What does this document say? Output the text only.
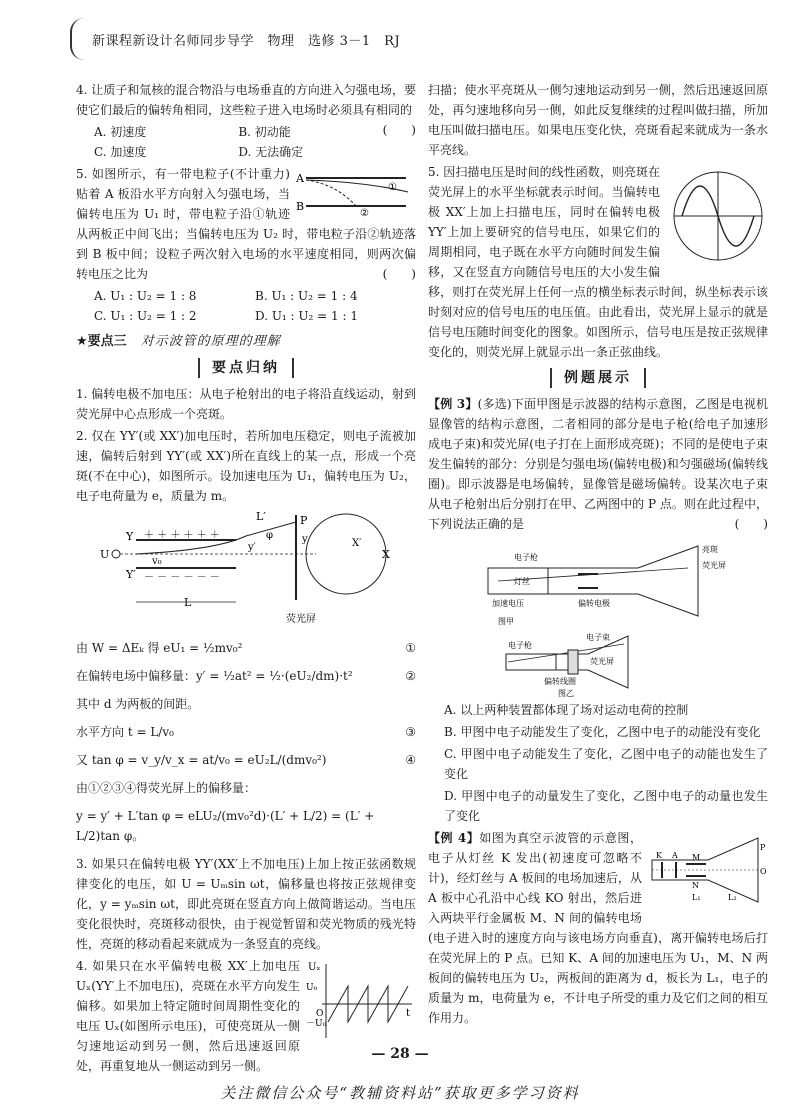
新课程新设计名师同步导学　物理　选修 3－1　RJ

4. 让质子和氚核的混合物沿与电场垂直的方向进入匀强电场，要使它们最后的偏转角相同，这些粒子进入电场时必须具有相同的
(　　)

A. 初速度	B. 初动能
C. 加速度	D. 无法确定
A
B
①
②

5. 如图所示，有一带电粒子(不计重力)贴着 A 板沿水平方向射入匀强电场，当偏转电压为 U₁ 时，带电粒子沿①轨迹从两板正中间飞出；当偏转电压为 U₂ 时，带电粒子沿②轨迹落到 B 板中间；设粒子两次射入电场的水平速度相同，则两次偏转电压之比为	(　　)

A. U₁ : U₂ = 1 : 8	B. U₁ : U₂ = 1 : 4
C. U₁ : U₂ = 1 : 2	D. U₁ : U₂ = 1 : 1
★要点三 对示波管的原理的理解
要点归纳

1. 偏转电极不加电压：从电子枪射出的电子将沿直线运动，射到荧光屏中心点形成一个亮斑。

2. 仅在 YY′(或 XX′)加电压时，若所加电压稳定，则电子流被加速，偏转后射到 YY′(或 XX′)所在直线上的某一点，形成一个亮斑(不在中心)，如图所示。设加速电压为 U₁，偏转电压为 U₂，电子电荷量为 e，质量为 m。

＋ ＋ ＋ ＋ ＋ ＋
－ － － － － －
Y
Y′
U
v₀
L′
φ
P
y′
y
L
X
X′
荧光屏
由 W = ΔEₖ 得 eU₁ = ½mv₀²	①
在偏转电场中偏移量：y′ = ½at² = ½·(eU₂/dm)·t²	②
其中 d 为两板的间距。
水平方向 t = L/v₀	③
又 tan φ = v_y/v_x = at/v₀ = eU₂L/(dmv₀²)	④
由①②③④得荧光屏上的偏移量：
y = y′ + L′tan φ = eLU₂/(mv₀²d)·(L′ + L/2) = (L′ + L/2)tan φ。

3. 如果只在偏转电极 YY′(XX′上不加电压)上加上按正弦函数规律变化的电压，如 U = Uₘsin ωt，偏移量也将按正弦规律变化，y = yₘsin ωt，即此亮斑在竖直方向上做简谐运动。当电压变化很快时，亮斑移动很快，由于视觉暂留和荧光物质的残光特性，亮斑的移动看起来就成为一条竖直的亮线。

Uₓ
U₀
－U₀
O	t

4. 如果只在水平偏转电极 XX′上加电压 Uₓ(YY′上不加电压)，亮斑在水平方向发生偏移。如果加上特定随时间周期性变化的电压 Uₓ(如图所示电压)，可使亮斑从一侧匀速地运动到另一侧，然后迅速返回原处，再重复地从一侧运动到另一侧。

扫描；使水平亮斑从一侧匀速地运动到另一侧，然后迅速返回原处，再匀速地移向另一侧，如此反复继续的过程叫做扫描，所加电压叫做扫描电压。如果电压变化快，亮斑看起来就成为一条水平亮线。

5. 因扫描电压是时间的线性函数，则亮斑在荧光屏上的水平坐标就表示时间。当偏转电极 XX′上加上扫描电压，同时在偏转电极 YY′上加上要研究的信号电压，如果它们的周期相同，电子既在水平方向随时间发生偏移，又在竖直方向随信号电压的大小发生偏移，则打在荧光屏上任何一点的横坐标表示时间，纵坐标表示该时刻对应的信号电压的电压值。由此看出，荧光屏上显示的就是信号电压随时间变化的图象。如图所示，信号电压是按正弦规律变化的，则荧光屏上就显示出一条正弦曲线。

例题展示

【例 3】(多选)下面甲图是示波器的结构示意图，乙图是电视机显像管的结构示意图，二者相同的部分是电子枪(给电子加速形成电子束)和荧光屏(电子打在上面形成亮斑)；不同的是使电子束发生偏转的部分：分别是匀强电场(偏转电极)和匀强磁场(偏转线圈)。即示波器是电场偏转，显像管是磁场偏转。设某次电子束从电子枪射出后分别打在甲、乙两图中的 P 点。则在此过程中，下列说法正确的是	(　　)

电子枪
灯丝
加速电压	偏转电极
荧光屏
亮斑
图甲
电子枪
电子束
荧光屏
偏转线圈
图乙

A. 以上两种装置都体现了场对运动电荷的控制

B. 甲图中电子动能发生了变化，乙图中电子的动能没有变化

C. 甲图中电子动能发生了变化，乙图中电子的动能也发生了变化

D. 甲图中电子的动量发生了变化，乙图中电子的动量也发生了变化

K A M
N
O
P
L₁	L₂

【例 4】如图为真空示波管的示意图，电子从灯丝 K 发出(初速度可忽略不计)，经灯丝与 A 板间的电场加速后，从 A 板中心孔沿中心线 KO 射出，然后进入两块平行金属板 M、N 间的偏转电场(电子进入时的速度方向与该电场方向垂直)，离开偏转电场后打在荧光屏上的 P 点。已知 K、A 间的加速电压为 U₁，M、N 两板间的偏转电压为 U₂，两板间的距离为 d，板长为 L₁，电子的质量为 m，电荷量为 e，不计电子所受的重力及它们之间的相互作用力。

— 28 —
关注微信公众号“教辅资料站”获取更多学习资料
